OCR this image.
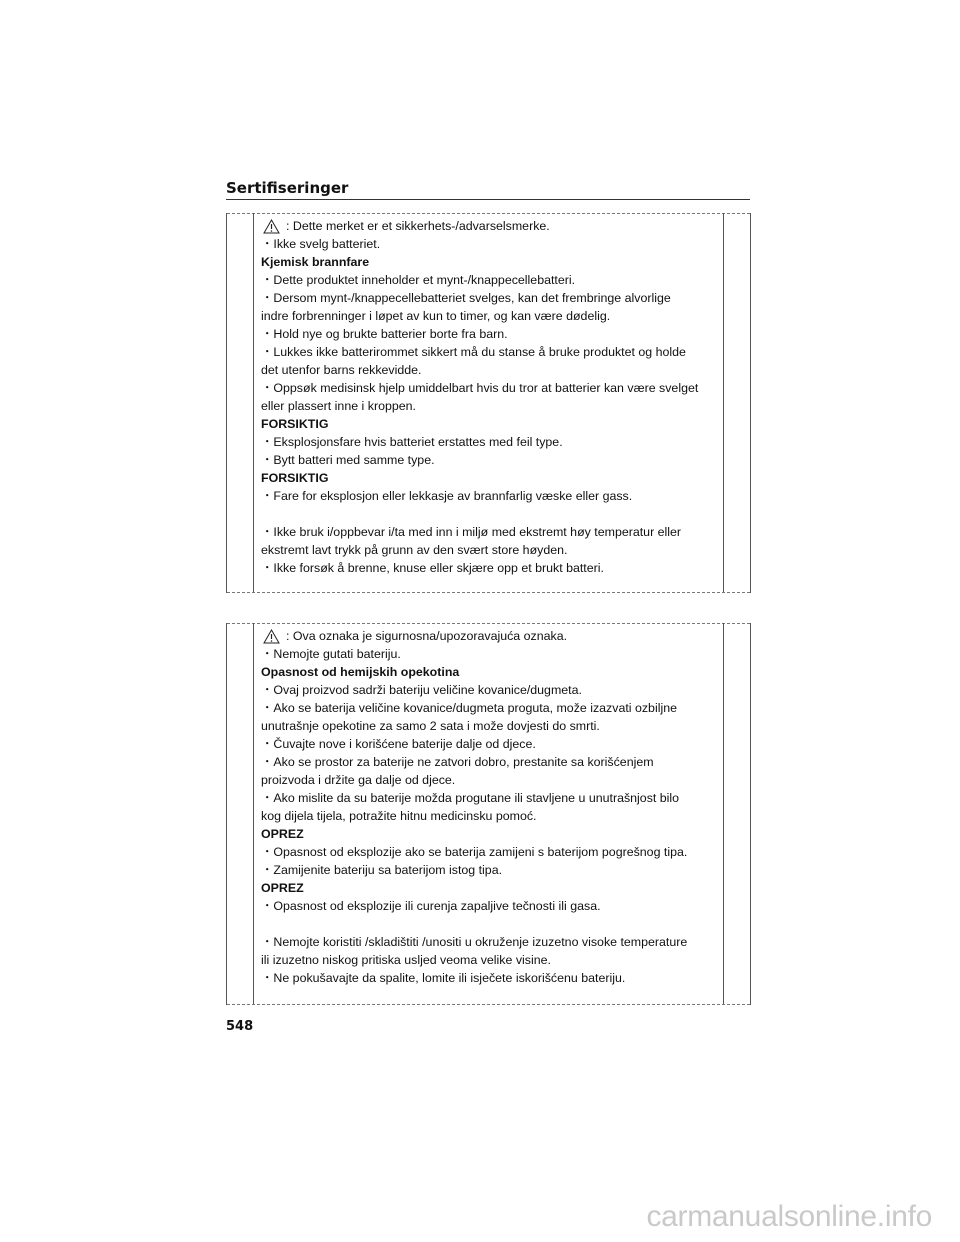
Sertifiseringer
: Dette merket er et sikkerhets-/advarselsmerke.
・Ikke svelg batteriet.
Kjemisk brannfare
・Dette produktet inneholder et mynt-/knappecellebatteri.
・Dersom mynt-/knappecellebatteriet svelges, kan det frembringe alvorlige
indre forbrenninger i løpet av kun to timer, og kan være dødelig.
・Hold nye og brukte batterier borte fra barn.
・Lukkes ikke batterirommet sikkert må du stanse å bruke produktet og holde
det utenfor barns rekkevidde.
・Oppsøk medisinsk hjelp umiddelbart hvis du tror at batterier kan være svelget
eller plassert inne i kroppen.
FORSIKTIG
・Eksplosjonsfare hvis batteriet erstattes med feil type.
・Bytt batteri med samme type.
FORSIKTIG
・Fare for eksplosjon eller lekkasje av brannfarlig væske eller gass.
・Ikke bruk i/oppbevar i/ta med inn i miljø med ekstremt høy temperatur eller
ekstremt lavt trykk på grunn av den svært store høyden.
・Ikke forsøk å brenne, knuse eller skjære opp et brukt batteri.
: Ova oznaka je sigurnosna/upozoravajuća oznaka.
・Nemojte gutati bateriju.
Opasnost od hemijskih opekotina
・Ovaj proizvod sadrži bateriju veličine kovanice/dugmeta.
・Ako se baterija veličine kovanice/dugmeta proguta, može izazvati ozbiljne
unutrašnje opekotine za samo 2 sata i može dovjesti do smrti.
・Čuvajte nove i korišćene baterije dalje od djece.
・Ako se prostor za baterije ne zatvori dobro, prestanite sa korišćenjem
proizvoda i držite ga dalje od djece.
・Ako mislite da su baterije možda progutane ili stavljene u unutrašnjost bilo
kog dijela tijela, potražite hitnu medicinsku pomoć.
OPREZ
・Opasnost od eksplozije ako se baterija zamijeni s baterijom pogrešnog tipa.
・Zamijenite bateriju sa baterijom istog tipa.
OPREZ
・Opasnost od eksplozije ili curenja zapaljive tečnosti ili gasa.
・Nemojte koristiti /skladištiti /unositi u okruženje izuzetno visoke temperature
ili izuzetno niskog pritiska usljed veoma velike visine.
・Ne pokušavajte da spalite, lomite ili isječete iskorišćenu bateriju.
548
carmanualsonline.info
